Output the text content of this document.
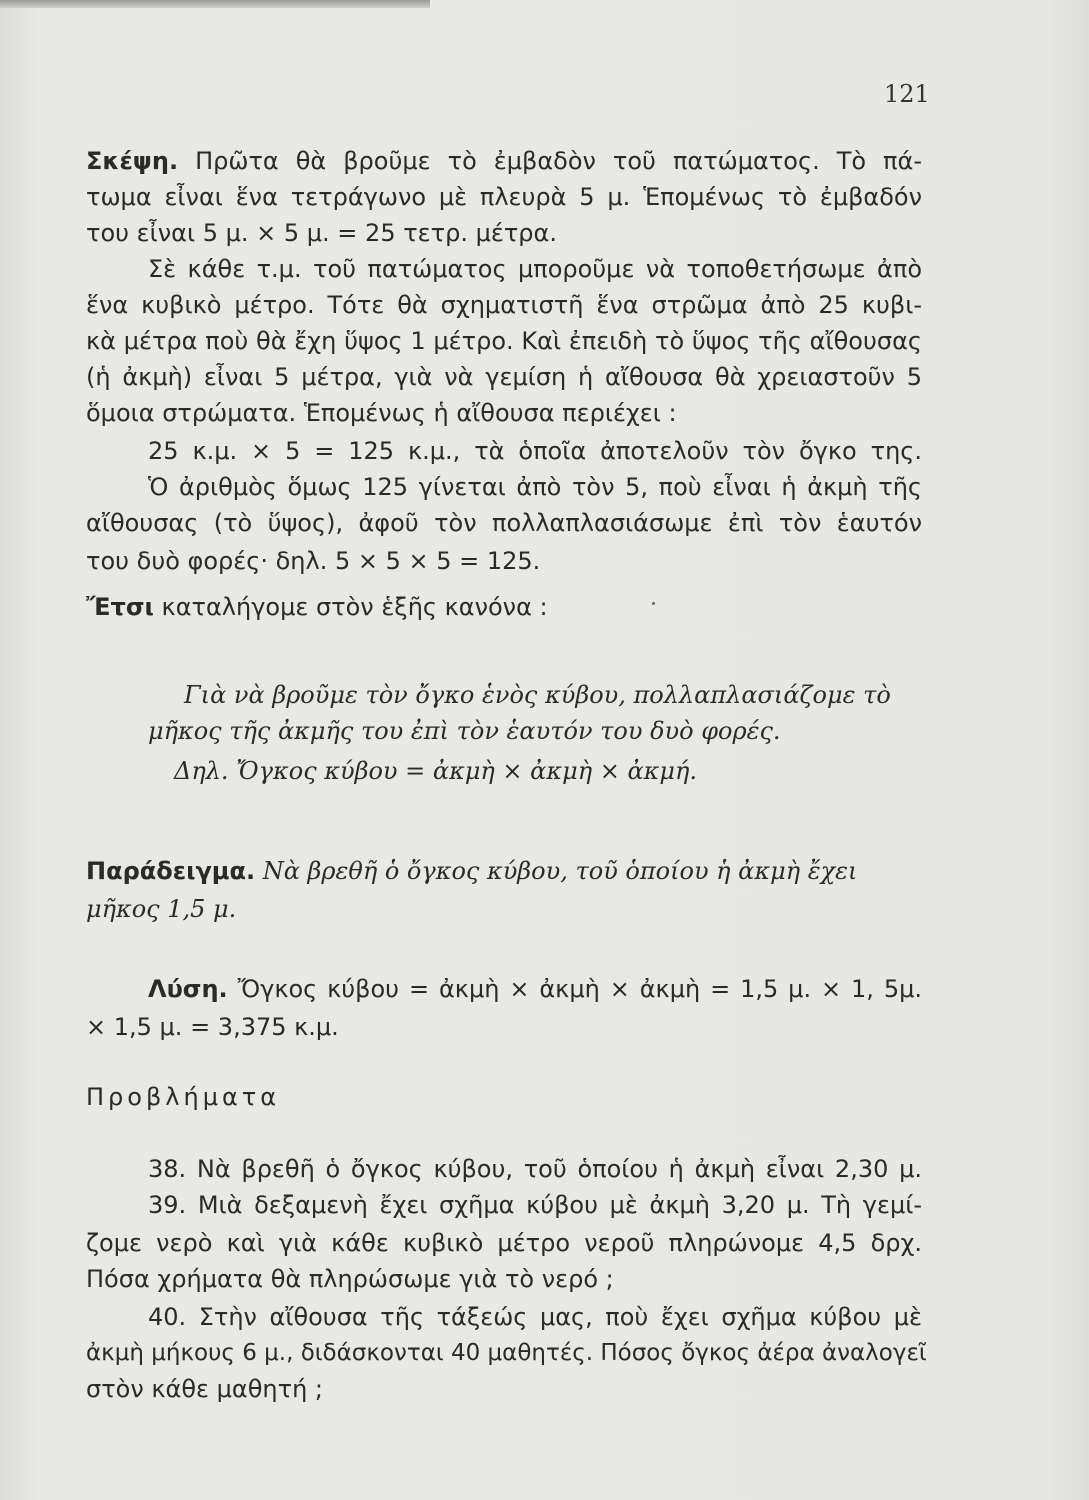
121
Σκέψη. Πρῶτα θὰ βροῦμε τὸ ἐμβαδὸν τοῦ πατώματος. Τὸ πά-
τωμα εἶναι ἕνα τετράγωνο μὲ πλευρὰ 5 μ. Ἑπομένως τὸ ἐμβαδόν
του εἶναι 5 μ. × 5 μ. = 25 τετρ. μέτρα.
Σὲ κάθε τ.μ. τοῦ πατώματος μποροῦμε νὰ τοποθετήσωμε ἀπὸ
ἕνα κυβικὸ μέτρο. Τότε θὰ σχηματιστῆ ἕνα στρῶμα ἀπὸ 25 κυβι-
κὰ μέτρα ποὺ θὰ ἔχη ὕψος 1 μέτρο. Καὶ ἐπειδὴ τὸ ὕψος τῆς αἴθουσας
(ἡ ἀκμὴ) εἶναι 5 μέτρα, γιὰ νὰ γεμίση ἡ αἴθουσα θὰ χρειαστοῦν 5
ὅμοια στρώματα. Ἑπομένως ἡ αἴθουσα περιέχει :
25 κ.μ. × 5 = 125 κ.μ., τὰ ὁποῖα ἀποτελοῦν τὸν ὄγκο της.
Ὁ ἀριθμὸς ὅμως 125 γίνεται ἀπὸ τὸν 5, ποὺ εἶναι ἡ ἀκμὴ τῆς
αἴθουσας (τὸ ὕψος), ἀφοῦ τὸν πολλαπλασιάσωμε ἐπὶ τὸν ἑαυτόν
του δυὸ φορές· δηλ. 5 × 5 × 5 = 125.
Ἔτσι καταλήγομε στὸν ἑξῆς κανόνα :
Γιὰ νὰ βροῦμε τὸν ὄγκο ἑνὸς κύβου, πολλαπλασιάζομε τὸ
μῆκος τῆς ἀκμῆς του ἐπὶ τὸν ἑαυτόν του δυὸ φορές.
Δηλ. Ὄγκος κύβου = ἀκμὴ × ἀκμὴ × ἀκμή.
Παράδειγμα. Νὰ βρεθῆ ὁ ὄγκος κύβου, τοῦ ὁποίου ἡ ἀκμὴ ἔχει
μῆκος 1,5 μ.
Λύση. Ὄγκος κύβου = ἀκμὴ × ἀκμὴ × ἀκμὴ = 1,5 μ. × 1, 5μ.
× 1,5 μ. = 3,375 κ.μ.
Προβλήματα
38. Νὰ βρεθῆ ὁ ὄγκος κύβου, τοῦ ὁποίου ἡ ἀκμὴ εἶναι 2,30 μ.
39. Μιὰ δεξαμενὴ ἔχει σχῆμα κύβου μὲ ἀκμὴ 3,20 μ. Τὴ γεμί-
ζομε νερὸ καὶ γιὰ κάθε κυβικὸ μέτρο νεροῦ πληρώνομε 4,5 δρχ.
Πόσα χρήματα θὰ πληρώσωμε γιὰ τὸ νερό ;
40. Στὴν αἴθουσα τῆς τάξεώς μας, ποὺ ἔχει σχῆμα κύβου μὲ
ἀκμὴ μήκους 6 μ., διδάσκονται 40 μαθητές. Πόσος ὄγκος ἀέρα ἀναλογεῖ
στὸν κάθε μαθητή ;
